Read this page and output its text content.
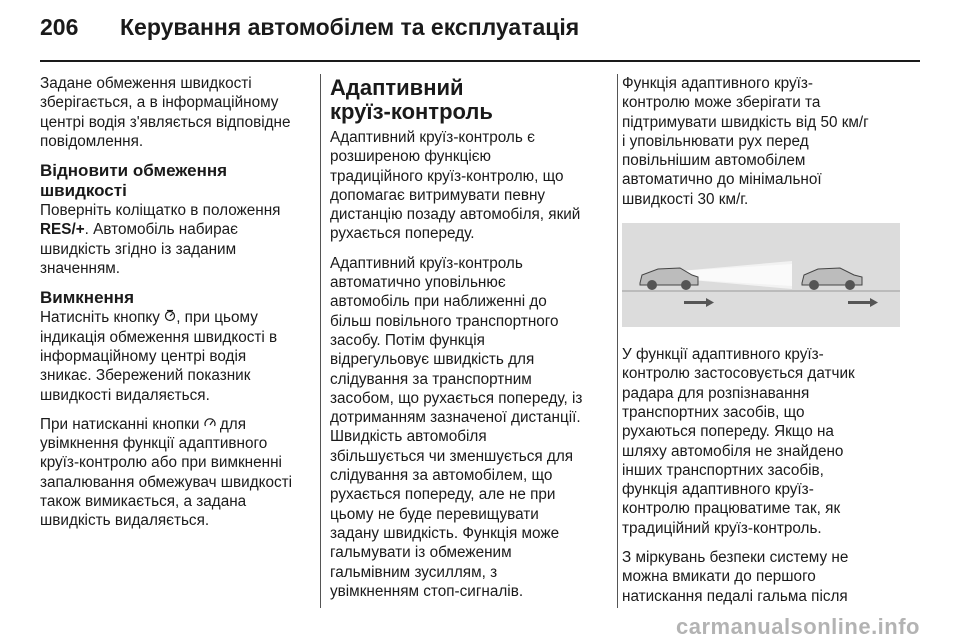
206 Керування автомобілем та експлуатація

Задане обмеження швидкості
зберігається, а в інформаційному
центрі водія з'являється відповідне
повідомлення.

Відновити обмеження
швидкості

Поверніть коліщатко в положення
RES/+. Автомобіль набирає
швидкість згідно із заданим
значенням.

Вимкнення

Натисніть кнопку , при цьому
індикація обмеження швидкості в
інформаційному центрі водія
зникає. Збережений показник
швидкості видаляється.

При натисканні кнопки  для
увімкнення функції адаптивного
круїз-контролю або при вимкненні
запалювання обмежувач швидкості
також вимикається, а задана
швидкість видаляється.

Адаптивний
круїз-контроль

Адаптивний круїз-контроль є
розширеною функцією
традиційного круїз-контролю, що
допомагає витримувати певну
дистанцію позаду автомобіля, який
рухається попереду.

Адаптивний круїз-контроль
автоматично уповільнює
автомобіль при наближенні до
більш повільного транспортного
засобу. Потім функція
відрегульовує швидкість для
слідування за транспортним
засобом, що рухається попереду, із
дотриманням зазначеної дистанції.
Швидкість автомобіля
збільшується чи зменшується для
слідування за автомобілем, що
рухається попереду, але не при
цьому не буде перевищувати
задану швидкість. Функція може
гальмувати із обмеженим
гальмівним зусиллям, з
увімкненням стоп-сигналів.

Функція адаптивного круїз-
контролю може зберігати та
підтримувати швидкість від 50 км/г
і уповільнювати рух перед
повільнішим автомобілем
автоматично до мінімальної
швидкості 30 км/г.

У функції адаптивного круїз-
контролю застосовується датчик
радара для розпізнавання
транспортних засобів, що
рухаються попереду. Якщо на
шляху автомобіля не знайдено
інших транспортних засобів,
функція адаптивного круїз-
контролю працюватиме так, як
традиційний круїз-контроль.

З міркувань безпеки систему не
можна вмикати до першого
натискання педалі гальма після

carmanualsonline.info
